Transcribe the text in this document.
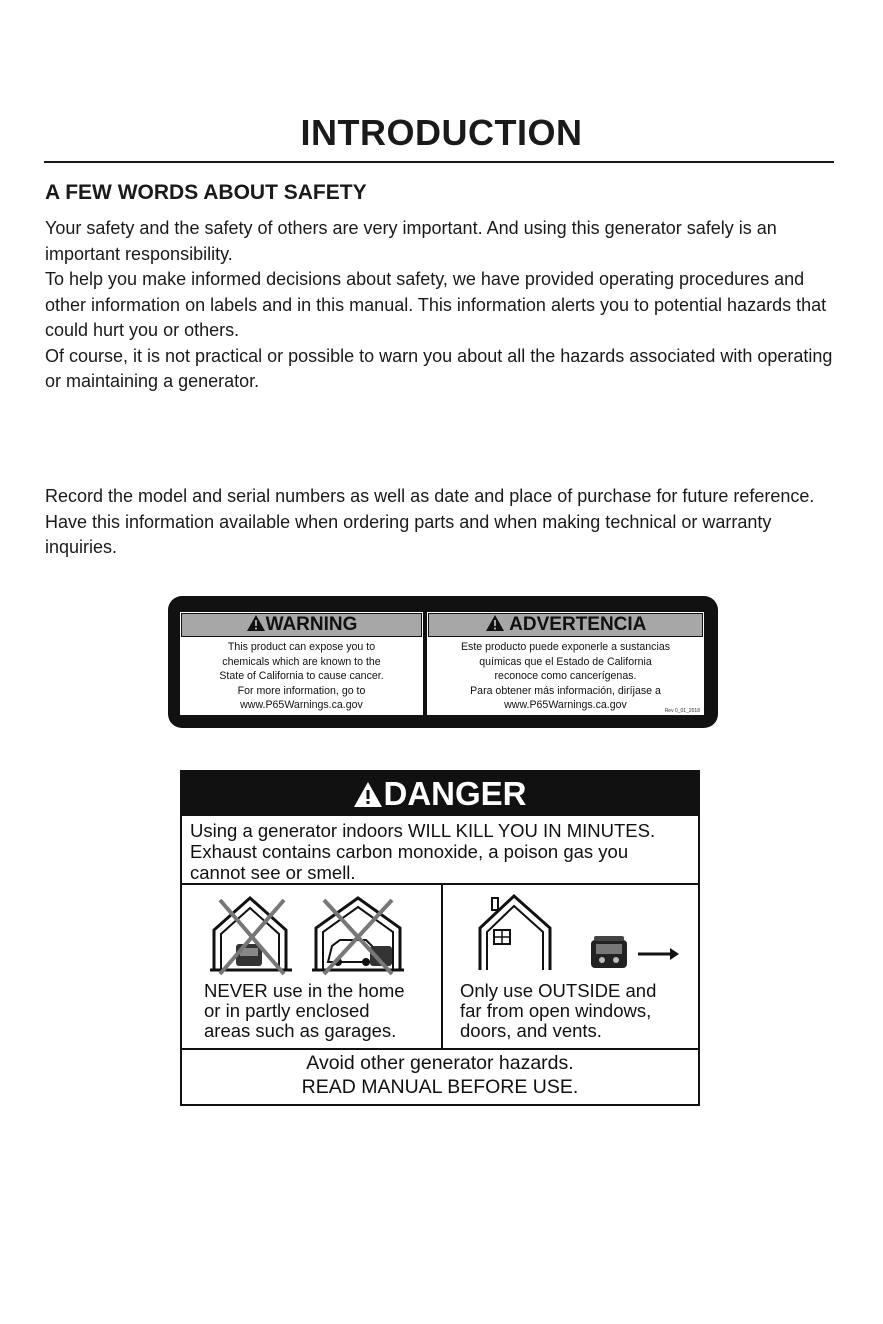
INTRODUCTION
A FEW WORDS ABOUT SAFETY

Your safety and the safety of others are very important. And using this generator safely is an important responsibility.

To help you make informed decisions about safety, we have provided operating procedures and other information on labels and in this manual. This information alerts you to potential hazards that could hurt you or others.

Of course, it is not practical or possible to warn you about all the hazards associated with operating or maintaining a generator.

Record the model and serial numbers as well as date and place of purchase for future reference. Have this information available when ordering parts and when making technical or warranty inquiries.
WARNING
This product can expose you to
chemicals which are known to the
State of California to cause cancer.
For more information, go to
www.P65Warnings.ca.gov
ADVERTENCIA
Este producto puede exponerle a sustancias
químicas que el Estado de California
reconoce como cancerígenas.
Para obtener más información, diríjase a
www.P65Warnings.ca.gov	Rev 0_01_2018
DANGER

Using a generator indoors WILL KILL YOU IN MINUTES.

Exhaust contains carbon monoxide, a poison gas you

cannot see or smell.

NEVER use in the home

or in partly enclosed

areas such as garages.

Only use OUTSIDE and

far from open windows,

doors, and vents.

Avoid other generator hazards.

READ MANUAL BEFORE USE.
